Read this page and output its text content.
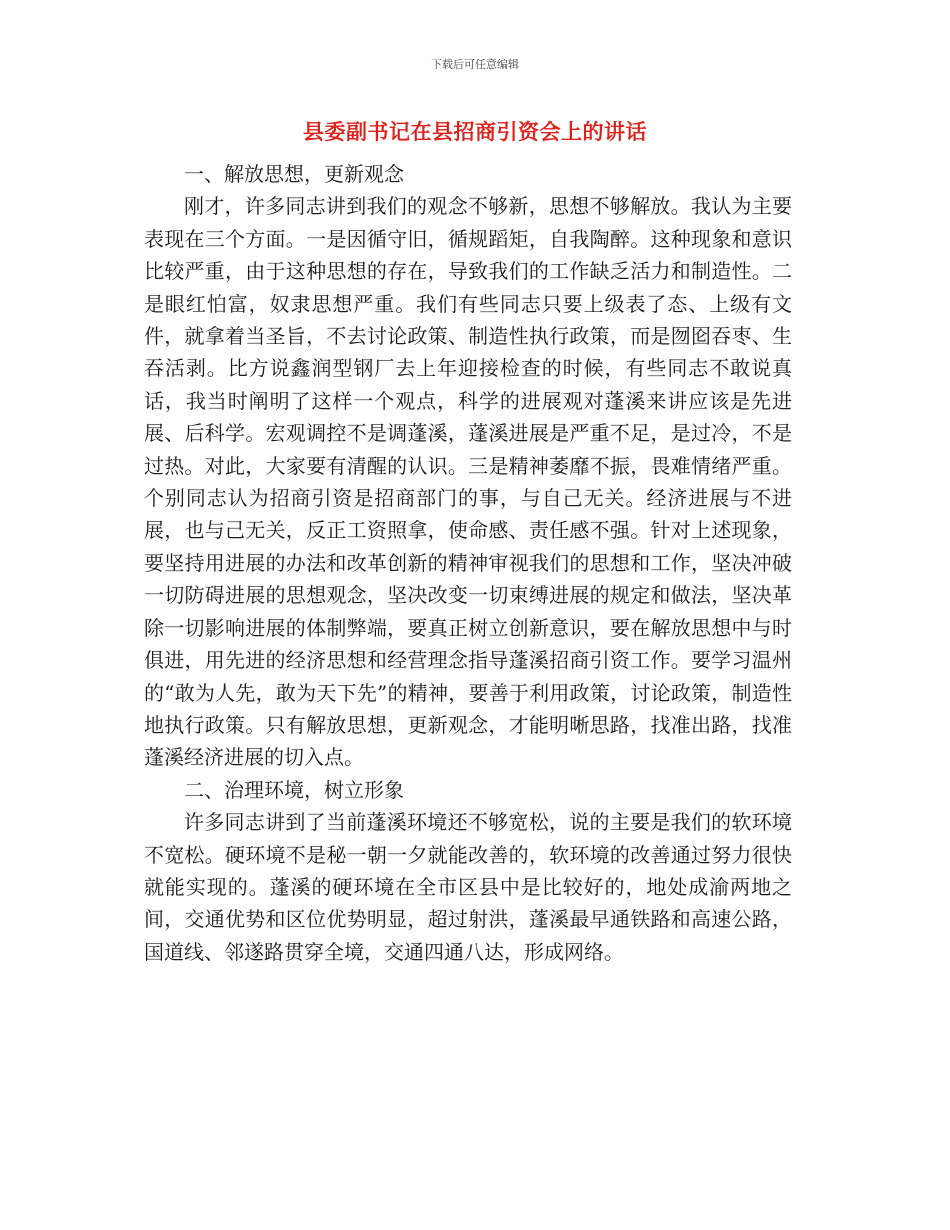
下载后可任意编辑
县委副书记在县招商引资会上的讲话

一、解放思想，更新观念

刚才，许多同志讲到我们的观念不够新，思想不够解放。我认为主要表现在三个方面。一是因循守旧，循规蹈矩，自我陶醉。这种现象和意识比较严重，由于这种思想的存在，导致我们的工作缺乏活力和制造性。二是眼红怕富，奴隶思想严重。我们有些同志只要上级表了态、上级有文件，就拿着当圣旨，不去讨论政策、制造性执行政策，而是囫囵吞枣、生吞活剥。比方说鑫润型钢厂去上年迎接检查的时候，有些同志不敢说真话，我当时阐明了这样一个观点，科学的进展观对蓬溪来讲应该是先进展、后科学。宏观调控不是调蓬溪，蓬溪进展是严重不足，是过冷，不是过热。对此，大家要有清醒的认识。三是精神萎靡不振，畏难情绪严重。个别同志认为招商引资是招商部门的事，与自己无关。经济进展与不进展，也与己无关，反正工资照拿，使命感、责任感不强。针对上述现象，要坚持用进展的办法和改革创新的精神审视我们的思想和工作，坚决冲破一切防碍进展的思想观念，坚决改变一切束缚进展的规定和做法，坚决革除一切影响进展的体制弊端，要真正树立创新意识，要在解放思想中与时俱进，用先进的经济思想和经营理念指导蓬溪招商引资工作。要学习温州的“敢为人先，敢为天下先”的精神，要善于利用政策，讨论政策，制造性地执行政策。只有解放思想，更新观念，才能明晰思路，找准出路，找准蓬溪经济进展的切入点。

二、治理环境，树立形象

许多同志讲到了当前蓬溪环境还不够宽松，说的主要是我们的软环境不宽松。硬环境不是秘一朝一夕就能改善的，软环境的改善通过努力很快就能实现的。蓬溪的硬环境在全市区县中是比较好的，地处成渝两地之间，交通优势和区位优势明显，超过射洪，蓬溪最早通铁路和高速公路，国道线、邻遂路贯穿全境，交通四通八达，形成网络。
